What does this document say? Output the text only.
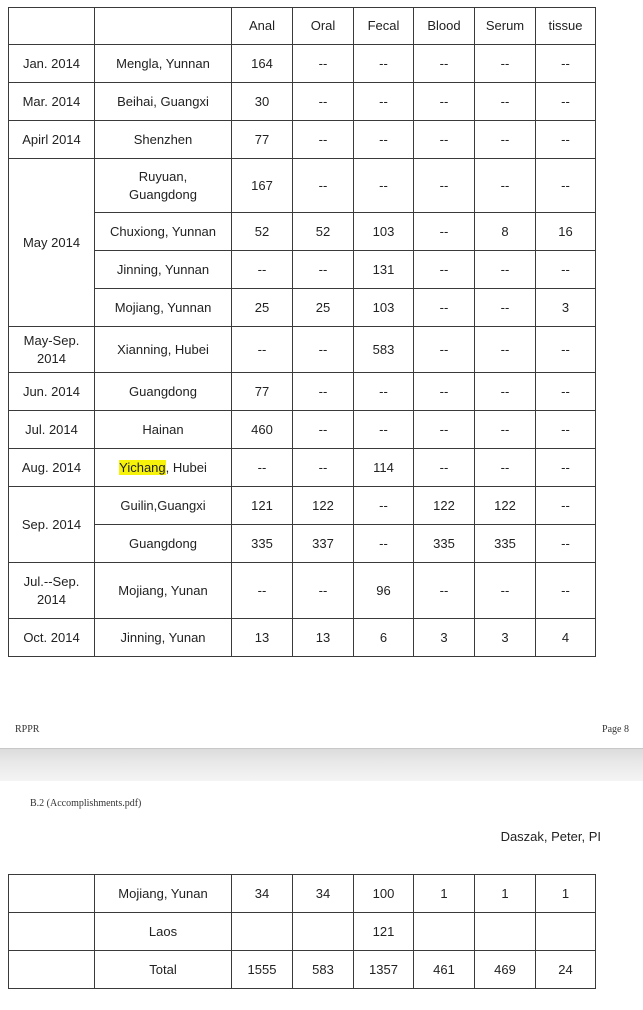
		Anal	Oral	Fecal	Blood	Serum	tissue
Jan. 2014	Mengla, Yunnan	164	--	--	--	--	--
Mar. 2014	Beihai, Guangxi	30	--	--	--	--	--
Apirl 2014	Shenzhen	77	--	--	--	--	--
May 2014	Ruyuan,
Guangdong	167	--	--	--	--	--
	Chuxiong, Yunnan	52	52	103	--	8	16
	Jinning, Yunnan	--	--	131	--	--	--
	Mojiang, Yunnan	25	25	103	--	--	3
May-Sep.
2014	Xianning, Hubei	--	--	583	--	--	--
Jun. 2014	Guangdong	77	--	--	--	--	--
Jul. 2014	Hainan	460	--	--	--	--	--
Aug. 2014	Yichang, Hubei	--	--	114	--	--	--
Sep. 2014	Guilin,Guangxi	121	122	--	122	122	--
	Guangdong	335	337	--	335	335	--
Jul.--Sep.
2014	Mojiang, Yunan	--	--	96	--	--	--
Oct. 2014	Jinning, Yunan	13	13	6	3	3	4
RPPR	Page 8
B.2 (Accomplishments.pdf)
Daszak, Peter, PI
	Mojiang, Yunan	34	34	100	1	1	1
	Laos			121			
	Total	1555	583	1357	461	469	24
